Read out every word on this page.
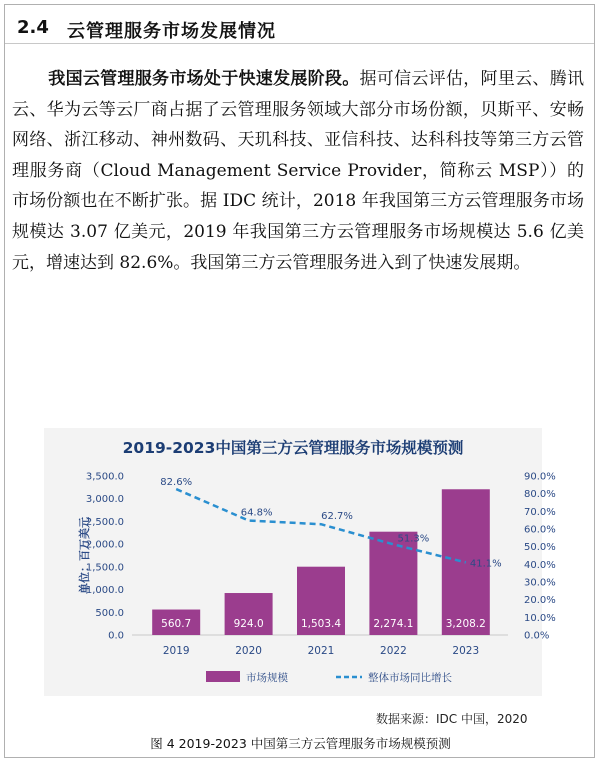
2.4 云管理服务市场发展情况
我国云管理服务市场处于快速发展阶段。据可信云评估，阿里云、腾讯云、华为云等云厂商占据了云管理服务领域大部分市场份额，贝斯平、安畅网络、浙江移动、神州数码、天玑科技、亚信科技、达科科技等第三方云管理服务商（Cloud Management Service Provider，简称云 MSP））的市场份额也在不断扩张。据 IDC 统计，2018 年我国第三方云管理服务市场规模达 3.07 亿美元，2019 年我国第三方云管理服务市场规模达 5.6 亿美元，增速达到 82.6%。我国第三方云管理服务进入到了快速发展期。
0.0
500.0
1,000.0
1,500.0
2,000.0
2,500.0
3,000.0
3,500.0
0.0%
10.0%
20.0%
30.0%
40.0%
50.0%
60.0%
70.0%
80.0%
90.0%
单位：百万美元
560.7
2019
924.0
2020
1,503.4
2021
2,274.1
2022
3,208.2
2023
82.6%
64.8%	62.7%
51.3%
41.1%
市场规模	整体市场同比增长
2019-2023中国第三方云管理服务市场规模预测
数据来源：IDC 中国，2020
图 4 2019-2023 中国第三方云管理服务市场规模预测
